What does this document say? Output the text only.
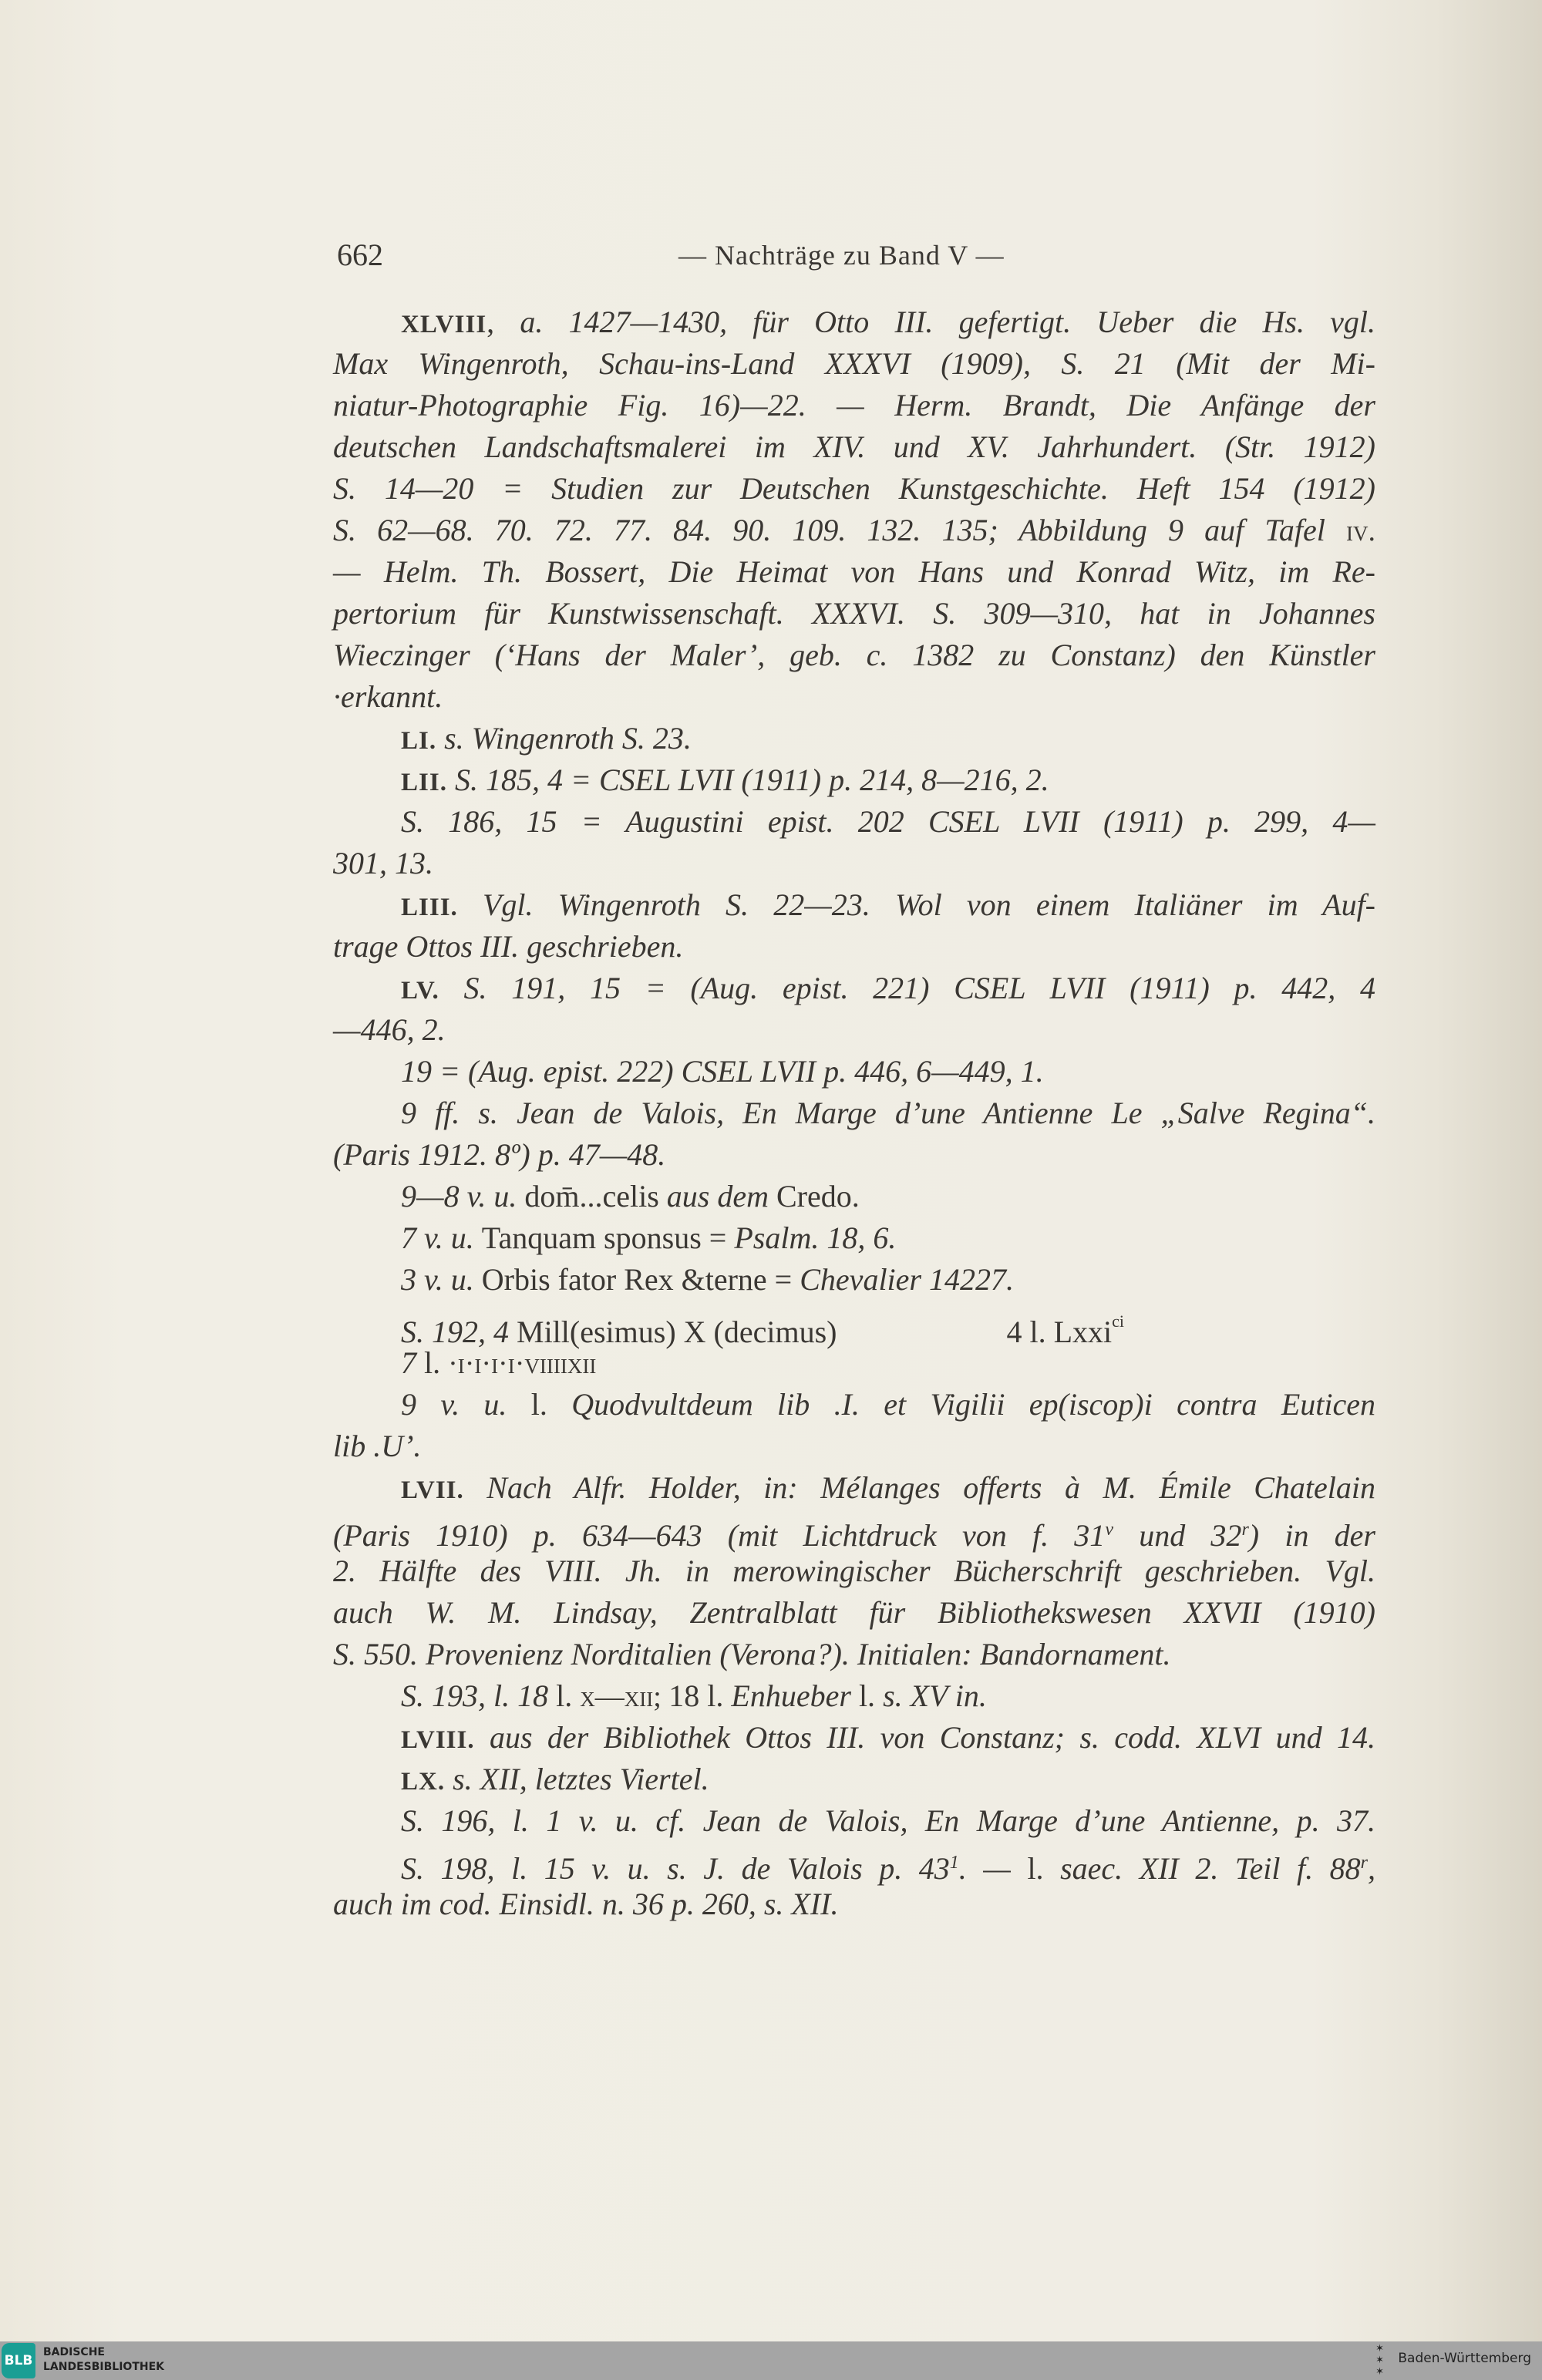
662	— Nachträge zu Band V —
XLVIII, a. 1427—1430, für Otto III. gefertigt. Ueber die Hs. vgl.
Max Wingenroth, Schau-ins-Land XXXVI (1909), S. 21 (Mit der Mi-
niatur-Photographie Fig. 16)—22. — Herm. Brandt, Die Anfänge der
deutschen Landschaftsmalerei im XIV. und XV. Jahrhundert. (Str. 1912)
S. 14—20 = Studien zur Deutschen Kunstgeschichte. Heft 154 (1912)
S. 62—68. 70. 72. 77. 84. 90. 109. 132. 135; Abbildung 9 auf Tafel iv.
— Helm. Th. Bossert, Die Heimat von Hans und Konrad Witz, im Re-
pertorium für Kunstwissenschaft. XXXVI. S. 309—310, hat in Johannes
Wieczinger (‘Hans der Maler’, geb. c. 1382 zu Constanz) den Künstler
·erkannt.
LI. s. Wingenroth S. 23.
LII. S. 185, 4 = CSEL LVII (1911) p. 214, 8—216, 2.
S. 186, 15 = Augustini epist. 202 CSEL LVII (1911) p. 299, 4—
301, 13.
LIII. Vgl. Wingenroth S. 22—23. Wol von einem Italiäner im Auf-
trage Ottos III. geschrieben.
LV. S. 191, 15 = (Aug. epist. 221) CSEL LVII (1911) p. 442, 4
—446, 2.
19 = (Aug. epist. 222) CSEL LVII p. 446, 6—449, 1.
9 ff. s. Jean de Valois, En Marge d’une Antienne Le „Salve Regina“.
(Paris 1912. 8º) p. 47—48.
9—8 v. u. dom̄...celis aus dem Credo.
7 v. u. Tanquam sponsus = Psalm. 18, 6.
3 v. u. Orbis fator Rex &terne = Chevalier 14227.
S. 192, 4 Mill(esimus) X (decimus)	4 l. Lxxi$^{ci}$
7 l. ·i·i·i·i·viiiixii
9 v. u. l. Quodvultdeum lib .I. et Vigilii ep(iscop)i contra Euticen
lib .U’.
LVII. Nach Alfr. Holder, in: Mélanges offerts à M. Émile Chatelain
(Paris 1910) p. 634—643 (mit Lichtdruck von f. 31$^v$ und 32$^r$) in der
2. Hälfte des VIII. Jh. in merowingischer Bücherschrift geschrieben. Vgl.
auch W. M. Lindsay, Zentralblatt für Bibliothekswesen XXVII (1910)
S. 550. Provenienz Norditalien (Verona?). Initialen: Bandornament.
S. 193, l. 18 l. x—xii; 18 l. Enhueber l. s. XV in.
LVIII. aus der Bibliothek Ottos III. von Constanz; s. codd. XLVI und 14.
LX. s. XII, letztes Viertel.
S. 196, l. 1 v. u. cf. Jean de Valois, En Marge d’une Antienne, p. 37.
S. 198, l. 15 v. u. s. J. de Valois p. $43^1$. — l. saec. XII 2. Teil f. 88$^r$,
auch im cod. Einsidl. n. 36 p. 260, s. XII.
BLB
BADISCHE
LANDESBIBLIOTHEK
✶
✶
✶
Baden-Württemberg
